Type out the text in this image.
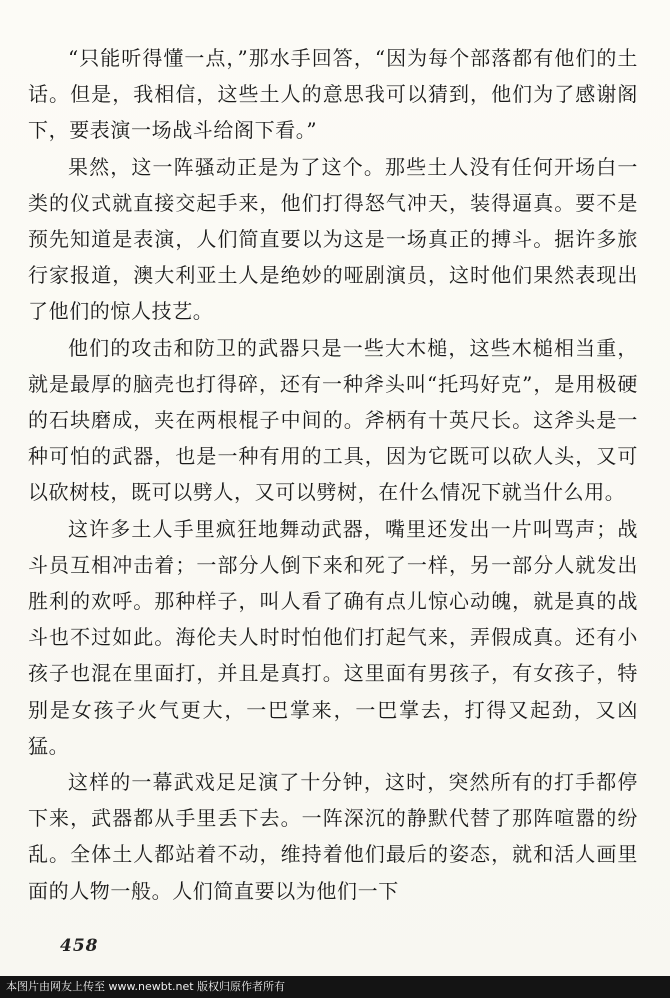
“只能听得懂一点，”那水手回答，“因为每个部落都有他们的土话。但是，我相信，这些土人的意思我可以猜到，他们为了感谢阁下，要表演一场战斗给阁下看。”

果然，这一阵骚动正是为了这个。那些土人没有任何开场白一类的仪式就直接交起手来，他们打得怒气冲天，装得逼真。要不是预先知道是表演，人们简直要以为这是一场真正的搏斗。据许多旅行家报道，澳大利亚土人是绝妙的哑剧演员，这时他们果然表现出了他们的惊人技艺。

他们的攻击和防卫的武器只是一些大木槌，这些木槌相当重，就是最厚的脑壳也打得碎，还有一种斧头叫“托玛好克”，是用极硬的石块磨成，夹在两根棍子中间的。斧柄有十英尺长。这斧头是一种可怕的武器，也是一种有用的工具，因为它既可以砍人头，又可以砍树枝，既可以劈人，又可以劈树，在什么情况下就当什么用。

这许多土人手里疯狂地舞动武器，嘴里还发出一片叫骂声；战斗员互相冲击着；一部分人倒下来和死了一样，另一部分人就发出胜利的欢呼。那种样子，叫人看了确有点儿惊心动魄，就是真的战斗也不过如此。海伦夫人时时怕他们打起气来，弄假成真。还有小孩子也混在里面打，并且是真打。这里面有男孩子，有女孩子，特别是女孩子火气更大，一巴掌来，一巴掌去，打得又起劲，又凶猛。

这样的一幕武戏足足演了十分钟，这时，突然所有的打手都停下来，武器都从手里丢下去。一阵深沉的静默代替了那阵喧嚣的纷乱。全体土人都站着不动，维持着他们最后的姿态，就和活人画里面的人物一般。人们简直要以为他们一下

458
本图片由网友上传至 www.newbt.net 版权归原作者所有
